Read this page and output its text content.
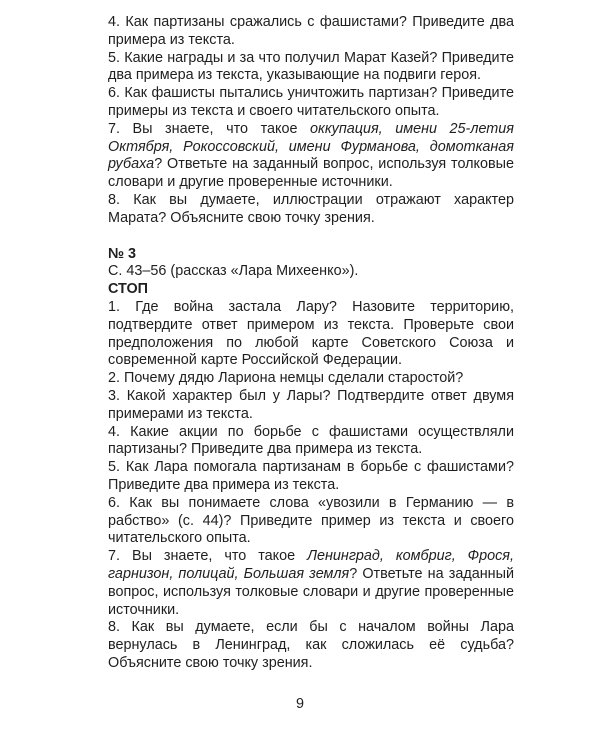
4. Как партизаны сражались с фашистами? Приведите два примера из текста.

5. Какие награды и за что получил Марат Казей? Приведите два примера из текста, указывающие на подвиги героя.

6. Как фашисты пытались уничтожить партизан? Приведите примеры из текста и своего читательского опыта.

7. Вы знаете, что такое оккупация, имени 25-летия Октября, Рокоссовский, имени Фурманова, домотканая рубаха? Ответьте на заданный вопрос, используя толковые словари и другие проверенные источники.

8. Как вы думаете, иллюстрации отражают характер Марата? Объясните свою точку зрения.

№ 3

С. 43–56 (рассказ «Лара Михеенко»).

СТОП

1. Где война застала Лару? Назовите территорию, подтвердите ответ примером из текста. Проверьте свои предположения по любой карте Советского Союза и современной карте Российской Федерации.

2. Почему дядю Лариона немцы сделали старостой?

3. Какой характер был у Лары? Подтвердите ответ двумя примерами из текста.

4. Какие акции по борьбе с фашистами осуществляли партизаны? Приведите два примера из текста.

5. Как Лара помогала партизанам в борьбе с фашистами? Приведите два примера из текста.

6. Как вы понимаете слова «увозили в Германию — в рабство» (с. 44)? Приведите пример из текста и своего читательского опыта.

7. Вы знаете, что такое Ленинград, комбриг, Фрося, гарнизон, полицай, Большая земля? Ответьте на заданный вопрос, используя толковые словари и другие проверенные источники.

8. Как вы думаете, если бы с началом войны Лара вернулась в Ленинград, как сложилась её судьба? Объясните свою точку зрения.

9
